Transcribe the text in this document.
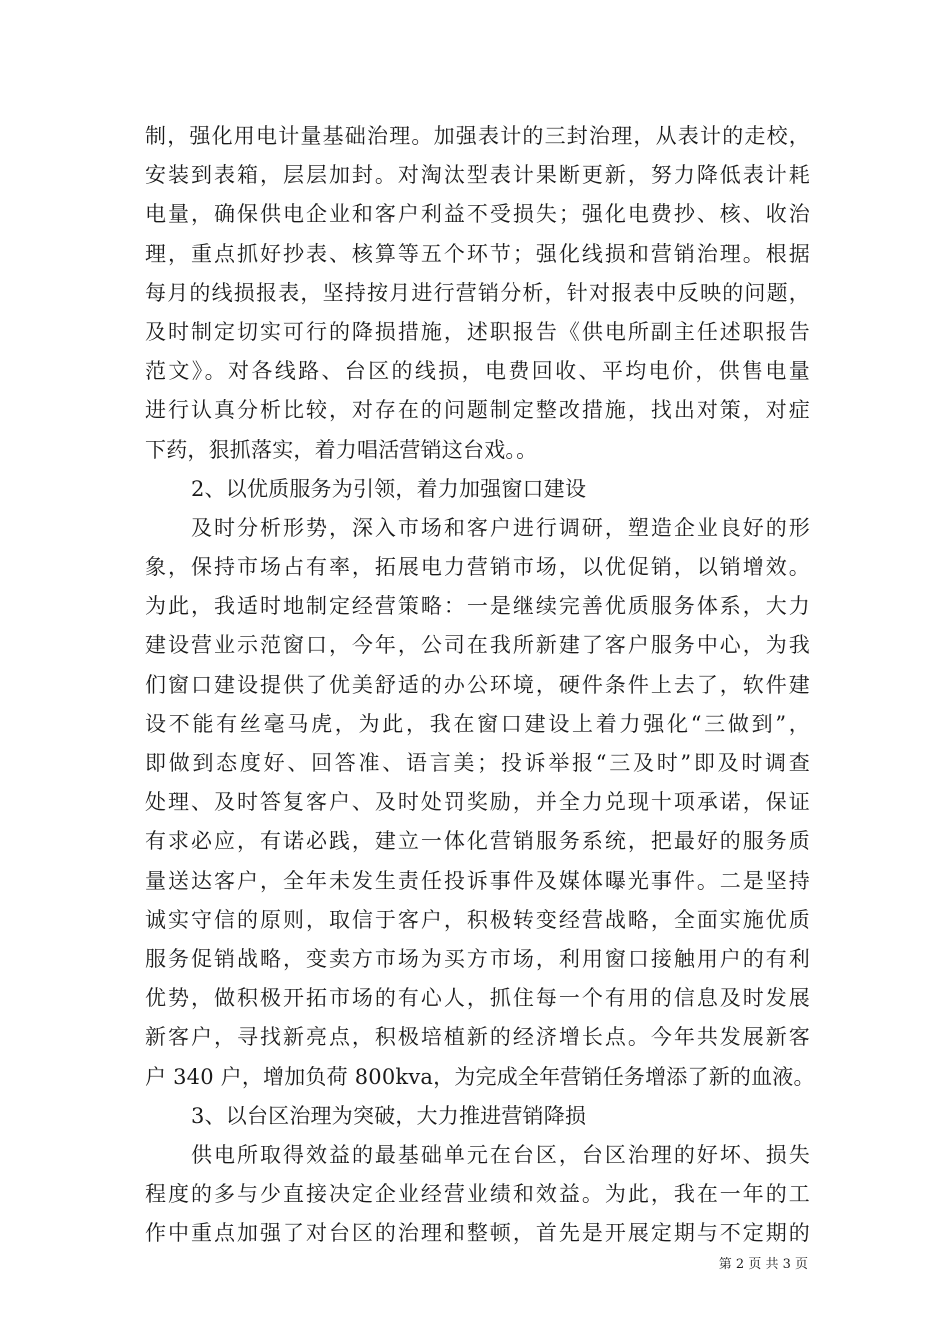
制，强化用电计量基础治理。加强表计的三封治理，从表计的走校，
安装到表箱，层层加封。对淘汰型表计果断更新，努力降低表计耗
电量，确保供电企业和客户利益不受损失；强化电费抄、核、收治
理，重点抓好抄表、核算等五个环节；强化线损和营销治理。根据
每月的线损报表，坚持按月进行营销分析，针对报表中反映的问题，
及时制定切实可行的降损措施，述职报告《供电所副主任述职报告
范文》。对各线路、台区的线损，电费回收、平均电价，供售电量
进行认真分析比较，对存在的问题制定整改措施，找出对策，对症
下药，狠抓落实，着力唱活营销这台戏。。
2、以优质服务为引领，着力加强窗口建设
及时分析形势，深入市场和客户进行调研，塑造企业良好的形
象，保持市场占有率，拓展电力营销市场，以优促销，以销增效。
为此，我适时地制定经营策略：一是继续完善优质服务体系，大力
建设营业示范窗口，今年，公司在我所新建了客户服务中心，为我
们窗口建设提供了优美舒适的办公环境，硬件条件上去了，软件建
设不能有丝毫马虎，为此，我在窗口建设上着力强化“三做到”，
即做到态度好、回答准、语言美；投诉举报“三及时”即及时调查
处理、及时答复客户、及时处罚奖励，并全力兑现十项承诺，保证
有求必应，有诺必践，建立一体化营销服务系统，把最好的服务质
量送达客户，全年未发生责任投诉事件及媒体曝光事件。二是坚持
诚实守信的原则，取信于客户，积极转变经营战略，全面实施优质
服务促销战略，变卖方市场为买方市场，利用窗口接触用户的有利
优势，做积极开拓市场的有心人，抓住每一个有用的信息及时发展
新客户，寻找新亮点，积极培植新的经济增长点。今年共发展新客
户 340 户，增加负荷 800kva，为完成全年营销任务增添了新的血液。
3、以台区治理为突破，大力推进营销降损
供电所取得效益的最基础单元在台区，台区治理的好坏、损失
程度的多与少直接决定企业经营业绩和效益。为此，我在一年的工
作中重点加强了对台区的治理和整顿，首先是开展定期与不定期的
第 2 页 共 3 页
